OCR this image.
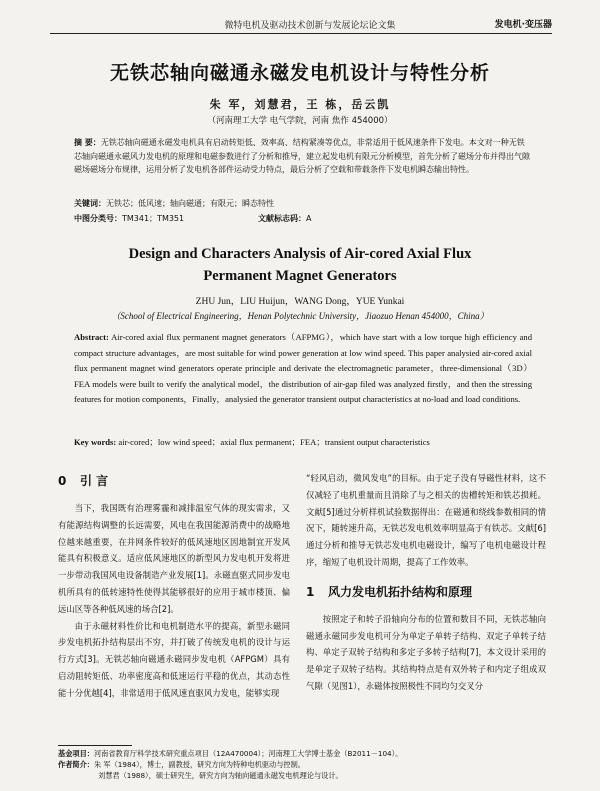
微特电机及驱动技术创新与发展论坛论文集	发电机·变压器
无铁芯轴向磁通永磁发电机设计与特性分析
朱 军，刘慧君，王 栋，岳云凯
（河南理工大学 电气学院，河南 焦作 454000）
摘 要：无铁芯轴向磁通永磁发电机具有启动转矩低、效率高、结构紧凑等优点，非常适用于低风速条件下发电。本文对一种无铁芯轴向磁通永磁风力发电机的原理和电磁参数进行了分析和推导，建立起发电机有限元分析模型，首先分析了磁场分布并得出气隙磁场磁场分布规律，运用分析了发电机各部件运动受力特点，最后分析了空载和带载条件下发电机瞬态输出特性。
关键词：无铁芯；低风速；轴向磁通；有限元；瞬态特性
中图分类号：TM341；TM351	文献标志码：A
Design and Characters Analysis of Air-cored Axial Flux
Permanent Magnet Generators
ZHU Jun，LIU Huijun，WANG Dong，YUE Yunkai
（School of Electrical Engineering，Henan Polytechnic University，Jiaozuo Henan 454000，China）
Abstract: Air-cored axial flux permanent magnet generators（AFPMG），which have start with a low torque high efficiency and compact structure advantages，are most suitable for wind power generation at low wind speed. This paper analysied air-cored axial flux permanent magnet wind generators operate principle and derivate the electromagnetic parameter，three-dimensional（3D）FEA models were built to verify the analytical model，the distribution of air-gap filed was analyzed firstly，and then the stressing features for motion components，Finally，analysied the generator transient output characteristics at no-load and load conditions.
Key words: air-cored；low wind speed；axial flux permanent；FEA；transient output characteristics
0 引 言

当下，我国既有治理雾霾和减排温室气体的现实需求，又有能源结构调整的长远需要，风电在我国能源消费中的战略地位越来越重要，在并网条件较好的低风速地区因地制宜开发风能具有积极意义。适应低风速地区的新型风力发电机开发将进一步带动我国风电设备制造产业发展[1]。永磁直驱式同步发电机所具有的低转速特性使得其能够很好的应用于城市楼顶、偏远山区等各种低风速的场合[2]。

由于永磁材料性价比和电机制造水平的提高，新型永磁同步发电机拓扑结构层出不穷，并打破了传统发电机的设计与运行方式[3]。无铁芯轴向磁通永磁同步发电机（AFPGM）具有启动阻转矩低、功率密度高和低速运行平稳的优点，其动态性能十分优越[4]，非常适用于低风速直驱风力发电，能够实现

“轻风启动，微风发电”的目标。由于定子没有导磁性材料，这不仅减轻了电机重量而且消除了与之相关的齿槽转矩和铁芯损耗。文献[5]通过分析样机试验数据得出：在磁通和绕线参数相同的情况下，随转速升高，无铁芯发电机效率明显高于有铁芯。文献[6]通过分析和推导无铁芯发电机电磁设计，编写了电机电磁设计程序，缩短了电机设计周期，提高了工作效率。

1 风力发电机拓扑结构和原理

按照定子和转子沿轴向分布的位置和数目不同，无铁芯轴向磁通永磁同步发电机可分为单定子单转子结构、双定子单转子结构、单定子双转子结构和多定子多转子结构[7]，本文设计采用的是单定子双转子结构。其结构特点是有双外转子和内定子组成双气隙（见图1），永磁体按照极性不同均匀交叉分

基金项目：河南省教育厅科学技术研究重点项目（12A470004）；河南理工大学博士基金（B2011－104）。
作者简介：朱 军（1984），博士，副教授，研究方向为特种电机驱动与控制。
刘慧君（1988），硕士研究生，研究方向为轴向磁通永磁发电机理论与设计。
